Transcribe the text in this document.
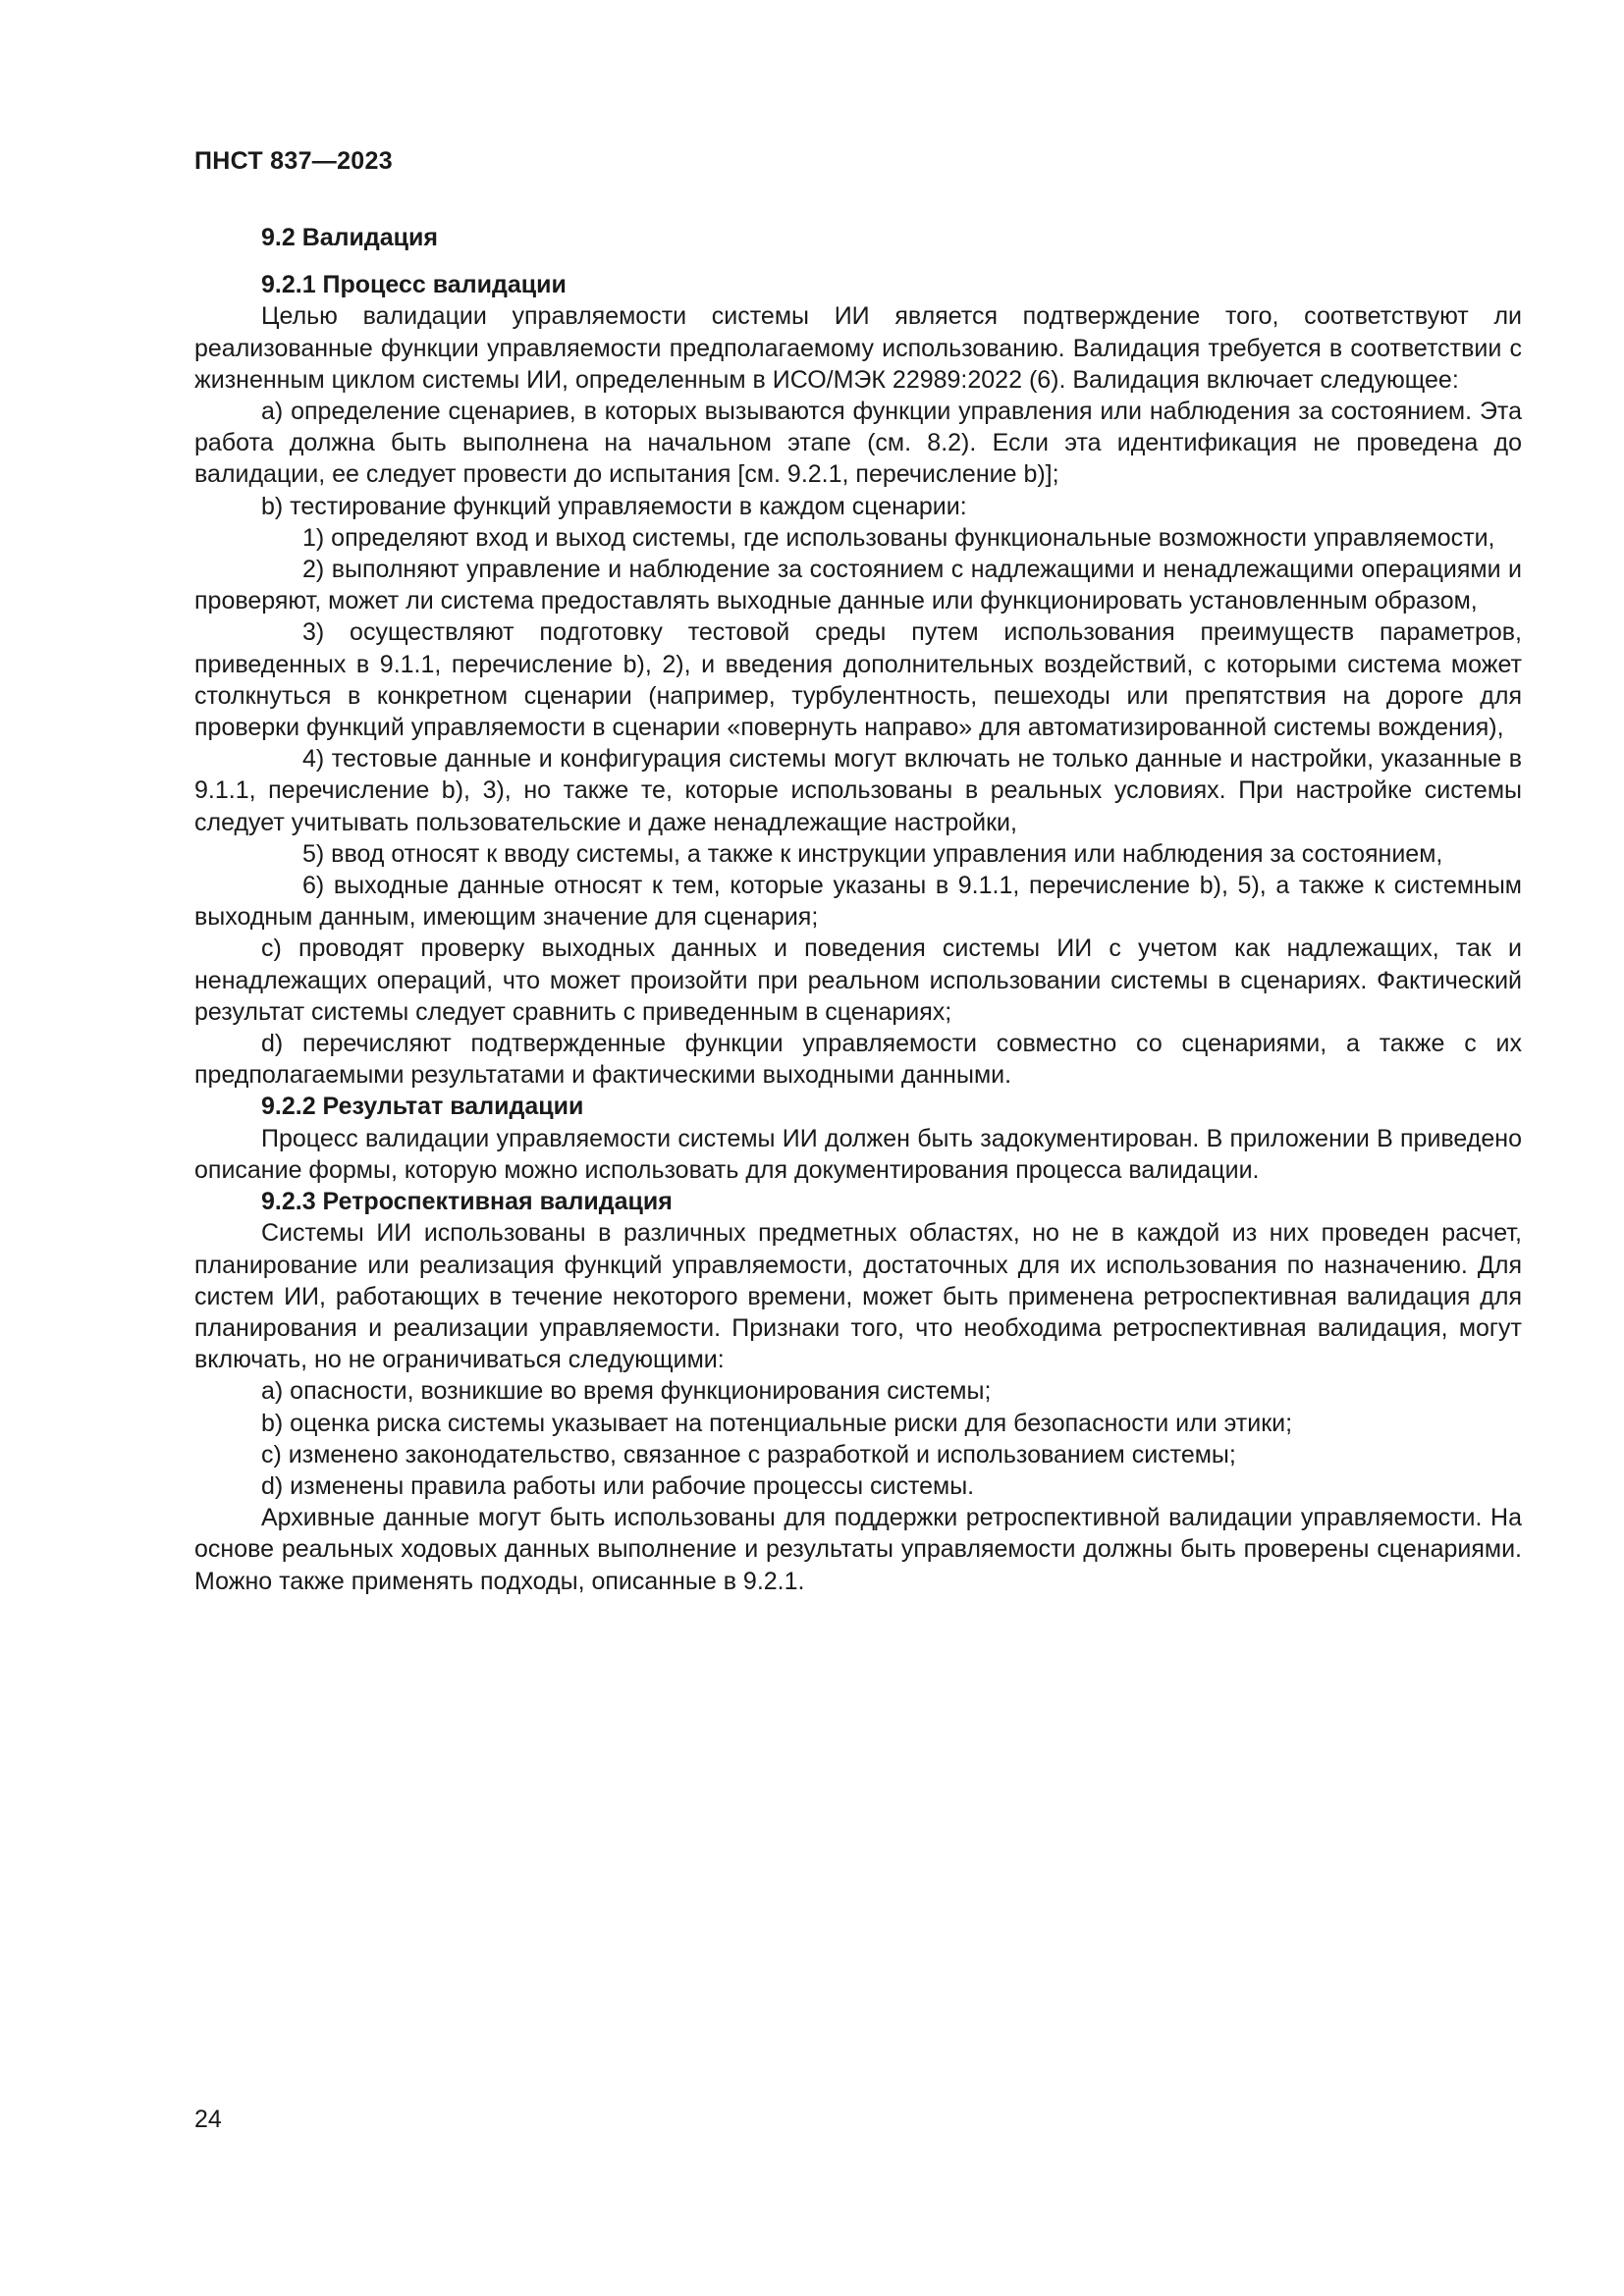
ПНСТ 837—2023

9.2 Валидация

9.2.1 Процесс валидации

Целью валидации управляемости системы ИИ является подтверждение того, соответствуют ли реализованные функции управляемости предполагаемому использованию. Валидация требуется в соответствии с жизненным циклом системы ИИ, определенным в ИСО/МЭК 22989:2022 (6). Валидация включает следующее:

a) определение сценариев, в которых вызываются функции управления или наблюдения за состоянием. Эта работа должна быть выполнена на начальном этапе (см. 8.2). Если эта идентификация не проведена до валидации, ее следует провести до испытания [см. 9.2.1, перечисление b)];

b) тестирование функций управляемости в каждом сценарии:

1) определяют вход и выход системы, где использованы функциональные возможности управляемости,

2) выполняют управление и наблюдение за состоянием с надлежащими и ненадлежащими операциями и проверяют, может ли система предоставлять выходные данные или функционировать установленным образом,

3) осуществляют подготовку тестовой среды путем использования преимуществ параметров, приведенных в 9.1.1, перечисление b), 2), и введения дополнительных воздействий, с которыми система может столкнуться в конкретном сценарии (например, турбулентность, пешеходы или препятствия на дороге для проверки функций управляемости в сценарии «повернуть направо» для автоматизированной системы вождения),

4) тестовые данные и конфигурация системы могут включать не только данные и настройки, указанные в 9.1.1, перечисление b), 3), но также те, которые использованы в реальных условиях. При настройке системы следует учитывать пользовательские и даже ненадлежащие настройки,

5) ввод относят к вводу системы, а также к инструкции управления или наблюдения за состоянием,

6) выходные данные относят к тем, которые указаны в 9.1.1, перечисление b), 5), а также к системным выходным данным, имеющим значение для сценария;

c) проводят проверку выходных данных и поведения системы ИИ с учетом как надлежащих, так и ненадлежащих операций, что может произойти при реальном использовании системы в сценариях. Фактический результат системы следует сравнить с приведенным в сценариях;

d) перечисляют подтвержденные функции управляемости совместно со сценариями, а также с их предполагаемыми результатами и фактическими выходными данными.

9.2.2 Результат валидации

Процесс валидации управляемости системы ИИ должен быть задокументирован. В приложении В приведено описание формы, которую можно использовать для документирования процесса валидации.

9.2.3 Ретроспективная валидация

Системы ИИ использованы в различных предметных областях, но не в каждой из них проведен расчет, планирование или реализация функций управляемости, достаточных для их использования по назначению. Для систем ИИ, работающих в течение некоторого времени, может быть применена ретроспективная валидация для планирования и реализации управляемости. Признаки того, что необходима ретроспективная валидация, могут включать, но не ограничиваться следующими:

a) опасности, возникшие во время функционирования системы;

b) оценка риска системы указывает на потенциальные риски для безопасности или этики;

c) изменено законодательство, связанное с разработкой и использованием системы;

d) изменены правила работы или рабочие процессы системы.

Архивные данные могут быть использованы для поддержки ретроспективной валидации управляемости. На основе реальных ходовых данных выполнение и результаты управляемости должны быть проверены сценариями. Можно также применять подходы, описанные в 9.2.1.

24
